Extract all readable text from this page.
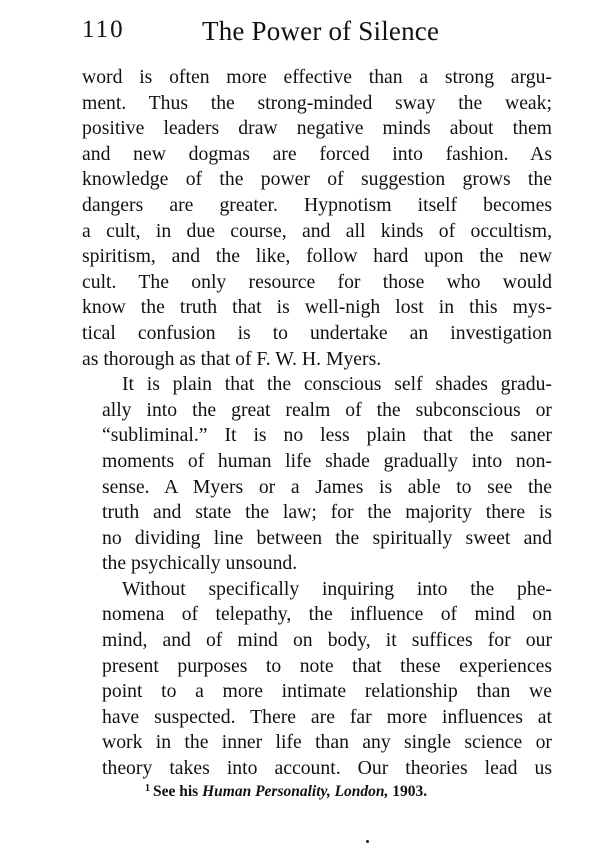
110	The Power of Silence

word is often more effective than a strong argu-
ment. Thus the strong-minded sway the weak;
positive leaders draw negative minds about them
and new dogmas are forced into fashion. As
knowledge of the power of suggestion grows the
dangers are greater. Hypnotism itself becomes
a cult, in due course, and all kinds of occultism,
spiritism, and the like, follow hard upon the new
cult. The only resource for those who would
know the truth that is well-nigh lost in this mys-
tical confusion is to undertake an investigation
as thorough as that of F. W. H. Myers.

It is plain that the conscious self shades gradu-
ally into the great realm of the subconscious or
“subliminal.” It is no less plain that the saner
moments of human life shade gradually into non-
sense. A Myers or a James is able to see the
truth and state the law; for the majority there is
no dividing line between the spiritually sweet and
the psychically unsound.

Without specifically inquiring into the phe-
nomena of telepathy, the influence of mind on
mind, and of mind on body, it suffices for our
present purposes to note that these experiences
point to a more intimate relationship than we
have suspected. There are far more influences at
work in the inner life than any single science or
theory takes into account. Our theories lead us

$^1$ See his Human Personality, London, 1903.
